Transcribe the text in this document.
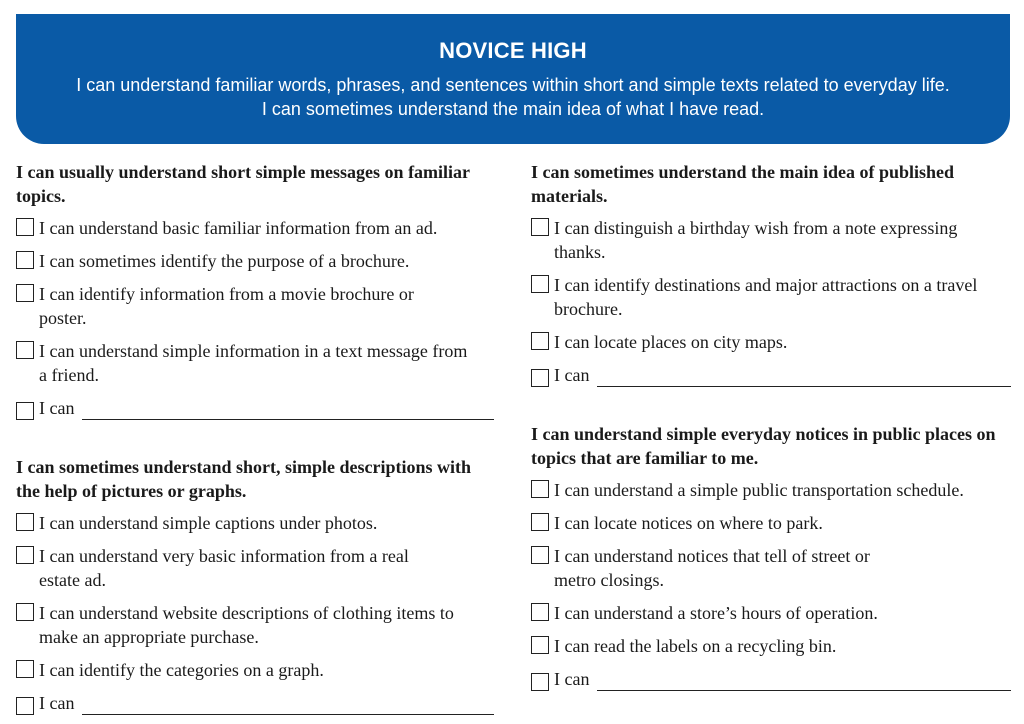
NOVICE HIGH
I can understand familiar words, phrases, and sentences within short and simple texts related to everyday life.
I can sometimes understand the main idea of what I have read.
I can usually understand short simple messages on familiar topics.
I can understand basic familiar information from an ad.
I can sometimes identify the purpose of a brochure.
I can identify information from a movie brochure or poster.
I can understand simple information in a text message from a friend.
I can
I can sometimes understand short, simple descriptions with the help of pictures or graphs.
I can understand simple captions under photos.
I can understand very basic information from a real estate ad.
I can understand website descriptions of clothing items to make an appropriate purchase.
I can identify the categories on a graph.
I can
I can sometimes understand the main idea of published materials.
I can distinguish a birthday wish from a note expressing thanks.
I can identify destinations and major attractions on a travel brochure.
I can locate places on city maps.
I can
I can understand simple everyday notices in public places on topics that are familiar to me.
I can understand a simple public transportation schedule.
I can locate notices on where to park.
I can understand notices that tell of street or metro closings.
I can understand a store’s hours of operation.
I can read the labels on a recycling bin.
I can
